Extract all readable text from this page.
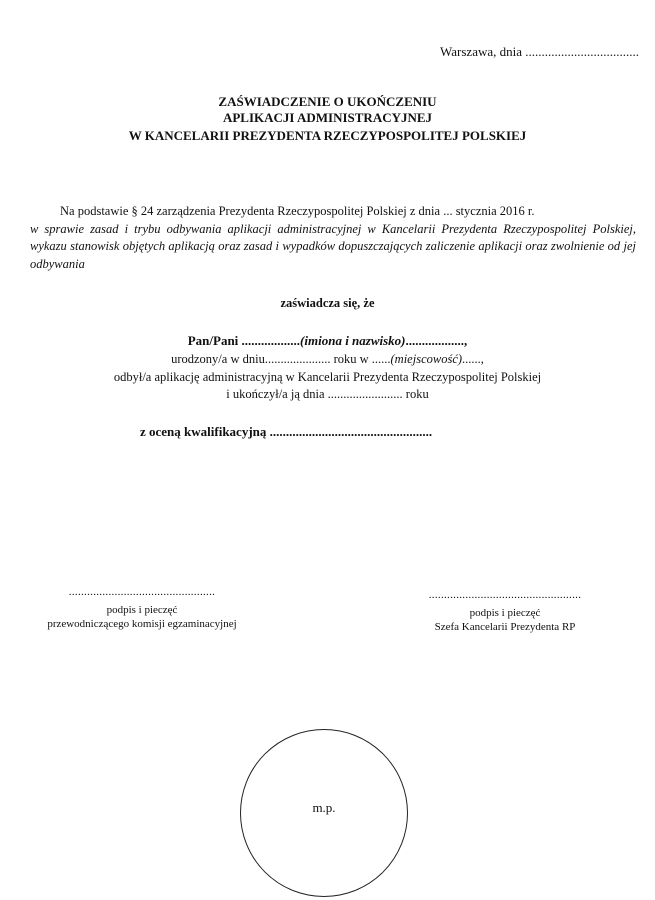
Warszawa, dnia ...................................
ZAŚWIADCZENIE O UKOŃCZENIU
APLIKACJI ADMINISTRACYJNEJ
W KANCELARII PREZYDENTA RZECZYPOSPOLITEJ POLSKIEJ
Na podstawie § 24 zarządzenia Prezydenta Rzeczypospolitej Polskiej z dnia ... stycznia 2016 r.
w sprawie zasad i trybu odbywania aplikacji administracyjnej w Kancelarii Prezydenta Rzeczypospolitej Polskiej, wykazu stanowisk objętych aplikacją oraz zasad i wypadków dopuszczających zaliczenie aplikacji oraz zwolnienie od jej odbywania
zaświadcza się, że
Pan/Pani ..................(imiona i nazwisko)..................,
urodzony/a w dniu..................... roku w ......(miejscowość)......,
odbył/a aplikację administracyjną w Kancelarii Prezydenta Rzeczypospolitej Polskiej
i ukończył/a ją dnia ........................ roku
z oceną kwalifikacyjną ..................................................
................................................
podpis i pieczęć
przewodniczącego komisji egzaminacyjnej
..................................................
podpis i pieczęć
Szefa Kancelarii Prezydenta RP
m.p.
